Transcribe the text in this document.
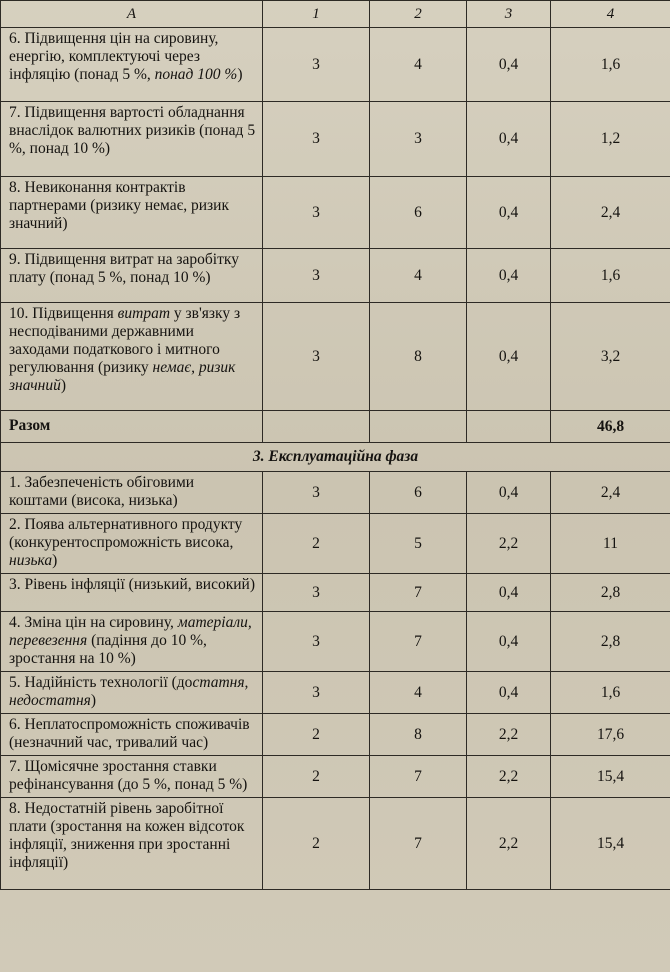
A	1	2	3	4
6. Підвищення цін на сировину, енергію, комплектуючі через інфляцію (понад 5 %, понад 100 %)	3	4	0,4	1,6
7. Підвищення вартості обладнання внаслідок валютних ризиків (понад 5 %, понад 10 %)	3	3	0,4	1,2
8. Невиконання контрактів партнерами (ризику немає, ризик значний)	3	6	0,4	2,4
9. Підвищення витрат на заробітку плату (понад 5 %, понад 10 %)	3	4	0,4	1,6
10. Підвищення витрат у зв'язку з несподіваними державними заходами податкового і митного регулювання (ризику немає, ризик значний)	3	8	0,4	3,2
Разом				46,8
3. Експлуатаційна фаза				
1. Забезпеченість обіговими коштами (висока, низька)	3	6	0,4	2,4
2. Поява альтернативного продукту (конкурентоспроможність висока, низька)	2	5	2,2	11
3. Рівень інфляції (низький, високий)	3	7	0,4	2,8
4. Зміна цін на сировину, матеріали, перевезення (падіння до 10 %, зростання на 10 %)	3	7	0,4	2,8
5. Надійність технології (достатня, недостатня)	3	4	0,4	1,6
6. Неплатоспроможність споживачів (незначний час, тривалий час)	2	8	2,2	17,6
7. Щомісячне зростання ставки рефінансування (до 5 %, понад 5 %)	2	7	2,2	15,4
8. Недостатній рівень заробітної плати (зростання на кожен відсоток інфляції, зниження при зростанні інфляції)	2	7	2,2	15,4
